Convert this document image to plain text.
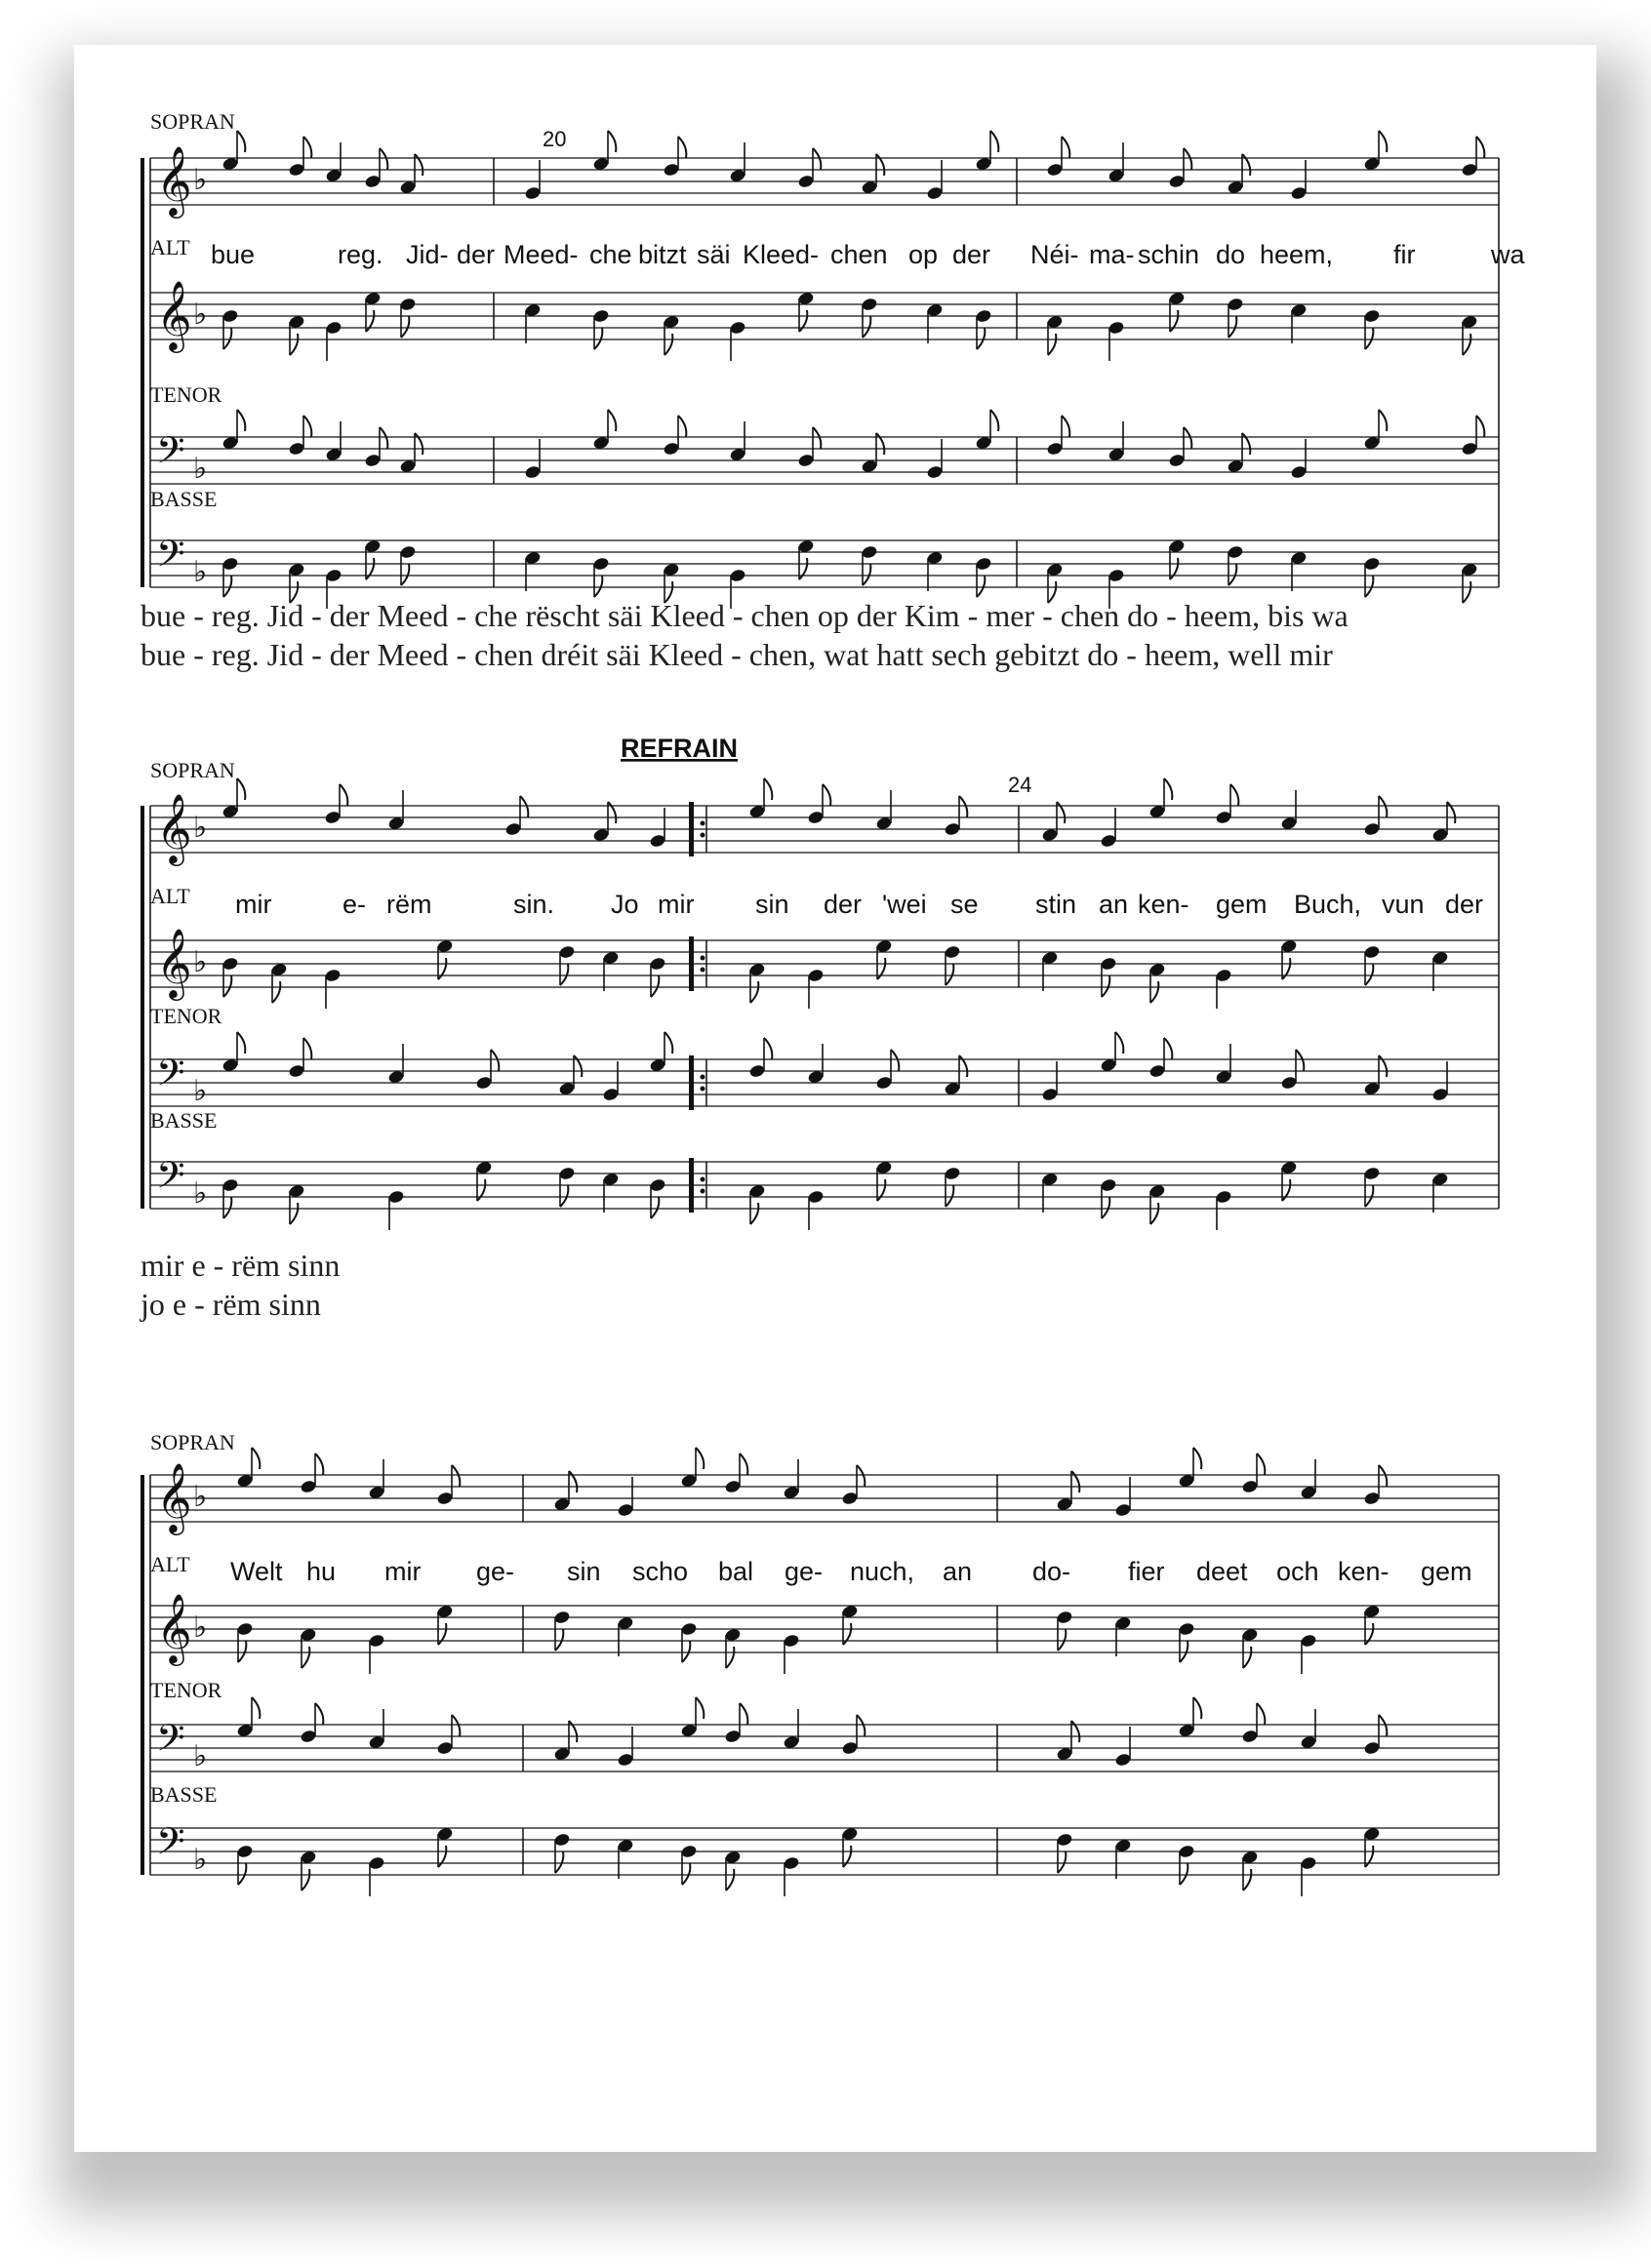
SOPRAN
20
ALT
TENOR
BASSE
𝄞 ♭
𝄞 ♭
𝄢 ♭
𝄢 ♭
bue	reg. Jid- der Meed- che bitzt säi Kleed- chen op der Néi- ma- schin do heem, fir	wa
bue - reg. Jid - der Meed - che rëscht säi Kleed - chen op der Kim - mer - chen do - heem, bis wa
bue - reg. Jid - der Meed - chen dréit säi Kleed - chen, wat hatt sech gebitzt do - heem, well mir
REFRAIN
SOPRAN
24
ALT
TENOR
BASSE
𝄞 ♭
𝄞 ♭
𝄢 ♭
𝄢 ♭
mir	e- rëm	sin. Jo mir sin der 'wei se stin an ken- gem Buch, vun der
mir e - rëm sinn
jo e - rëm sinn
SOPRAN
ALT
TENOR
BASSE
𝄞 ♭
𝄞 ♭
𝄢 ♭
𝄢 ♭
Welt hu mir ge- sin scho bal ge- nuch, an do- fier deet och ken- gem
